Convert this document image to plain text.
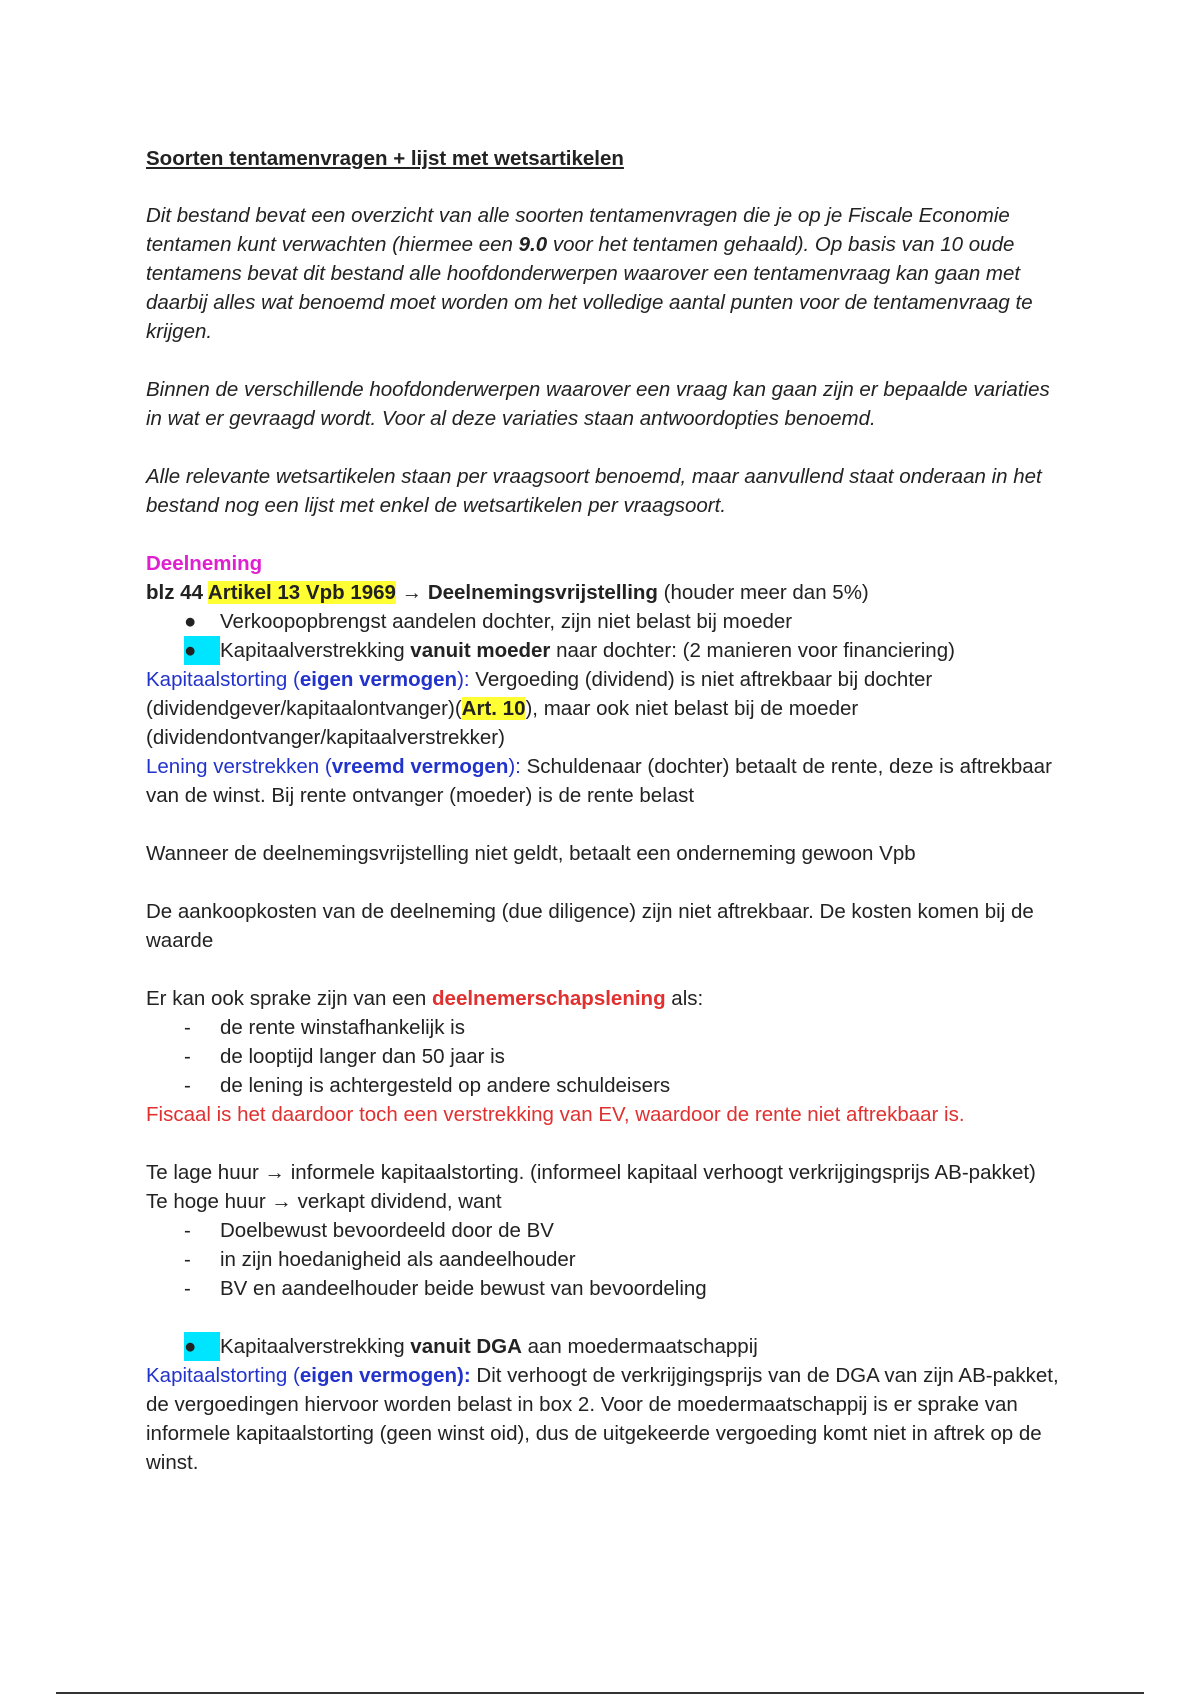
Soorten tentamenvragen + lijst met wetsartikelen

Dit bestand bevat een overzicht van alle soorten tentamenvragen die je op je Fiscale Economie tentamen kunt verwachten (hiermee een 9.0 voor het tentamen gehaald). Op basis van 10 oude tentamens bevat dit bestand alle hoofdonderwerpen waarover een tentamenvraag kan gaan met daarbij alles wat benoemd moet worden om het volledige aantal punten voor de tentamenvraag te krijgen.

Binnen de verschillende hoofdonderwerpen waarover een vraag kan gaan zijn er bepaalde variaties in wat er gevraagd wordt. Voor al deze variaties staan antwoordopties benoemd.

Alle relevante wetsartikelen staan per vraagsoort benoemd, maar aanvullend staat onderaan in het bestand nog een lijst met enkel de wetsartikelen per vraagsoort.

Deelneming

blz 44 Artikel 13 Vpb 1969 → Deelnemingsvrijstelling (houder meer dan 5%)

●	Verkoopopbrengst aandelen dochter, zijn niet belast bij moeder
●	Kapitaalverstrekking vanuit moeder naar dochter: (2 manieren voor financiering)

Kapitaalstorting (eigen vermogen): Vergoeding (dividend) is niet aftrekbaar bij dochter (dividendgever/kapitaalontvanger)(Art. 10), maar ook niet belast bij de moeder (dividendontvanger/kapitaalverstrekker)

Lening verstrekken (vreemd vermogen): Schuldenaar (dochter) betaalt de rente, deze is aftrekbaar van de winst. Bij rente ontvanger (moeder) is de rente belast

Wanneer de deelnemingsvrijstelling niet geldt, betaalt een onderneming gewoon Vpb

De aankoopkosten van de deelneming (due diligence) zijn niet aftrekbaar. De kosten komen bij de waarde

Er kan ook sprake zijn van een deelnemerschapslening als:

- de rente winstafhankelijk is
- de looptijd langer dan 50 jaar is
- de lening is achtergesteld op andere schuldeisers

Fiscaal is het daardoor toch een verstrekking van EV, waardoor de rente niet aftrekbaar is.

Te lage huur → informele kapitaalstorting. (informeel kapitaal verhoogt verkrijgingsprijs AB-pakket)

Te hoge huur → verkapt dividend, want

- Doelbewust bevoordeeld door de BV
- in zijn hoedanigheid als aandeelhouder
- BV en aandeelhouder beide bewust van bevoordeling
●	Kapitaalverstrekking vanuit DGA aan moedermaatschappij

Kapitaalstorting (eigen vermogen): Dit verhoogt de verkrijgingsprijs van de DGA van zijn AB-pakket, de vergoedingen hiervoor worden belast in box 2. Voor de moedermaatschappij is er sprake van informele kapitaalstorting (geen winst oid), dus de uitgekeerde vergoeding komt niet in aftrek op de winst.
